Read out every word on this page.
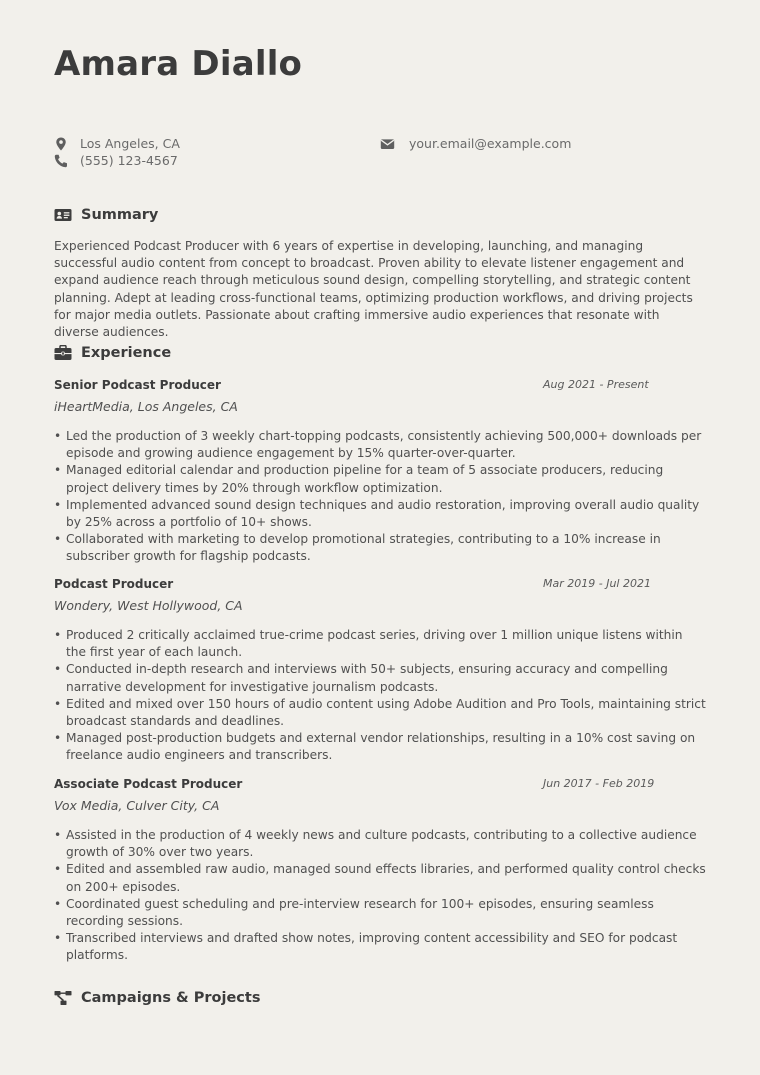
Amara Diallo
Los Angeles, CA
(555) 123-4567
your.email@example.com
Summary

Experienced Podcast Producer with 6 years of expertise in developing, launching, and managing successful audio content from concept to broadcast. Proven ability to elevate listener engagement and expand audience reach through meticulous sound design, compelling storytelling, and strategic content planning. Adept at leading cross-functional teams, optimizing production workflows, and driving projects for major media outlets. Passionate about crafting immersive audio experiences that resonate with diverse audiences.

Experience
Senior Podcast Producer	Aug 2021 - Present
iHeartMedia, Los Angeles, CA
• Led the production of 3 weekly chart-topping podcasts, consistently achieving 500,000+ downloads per episode and growing audience engagement by 15% quarter-over-quarter.
• Managed editorial calendar and production pipeline for a team of 5 associate producers, reducing project delivery times by 20% through workflow optimization.
• Implemented advanced sound design techniques and audio restoration, improving overall audio quality by 25% across a portfolio of 10+ shows.
• Collaborated with marketing to develop promotional strategies, contributing to a 10% increase in subscriber growth for flagship podcasts.
Podcast Producer	Mar 2019 - Jul 2021
Wondery, West Hollywood, CA
• Produced 2 critically acclaimed true-crime podcast series, driving over 1 million unique listens within the first year of each launch.
• Conducted in-depth research and interviews with 50+ subjects, ensuring accuracy and compelling narrative development for investigative journalism podcasts.
• Edited and mixed over 150 hours of audio content using Adobe Audition and Pro Tools, maintaining strict broadcast standards and deadlines.
• Managed post-production budgets and external vendor relationships, resulting in a 10% cost saving on freelance audio engineers and transcribers.
Associate Podcast Producer	Jun 2017 - Feb 2019
Vox Media, Culver City, CA
• Assisted in the production of 4 weekly news and culture podcasts, contributing to a collective audience growth of 30% over two years.
• Edited and assembled raw audio, managed sound effects libraries, and performed quality control checks on 200+ episodes.
• Coordinated guest scheduling and pre-interview research for 100+ episodes, ensuring seamless recording sessions.
• Transcribed interviews and drafted show notes, improving content accessibility and SEO for podcast platforms.
Campaigns & Projects
